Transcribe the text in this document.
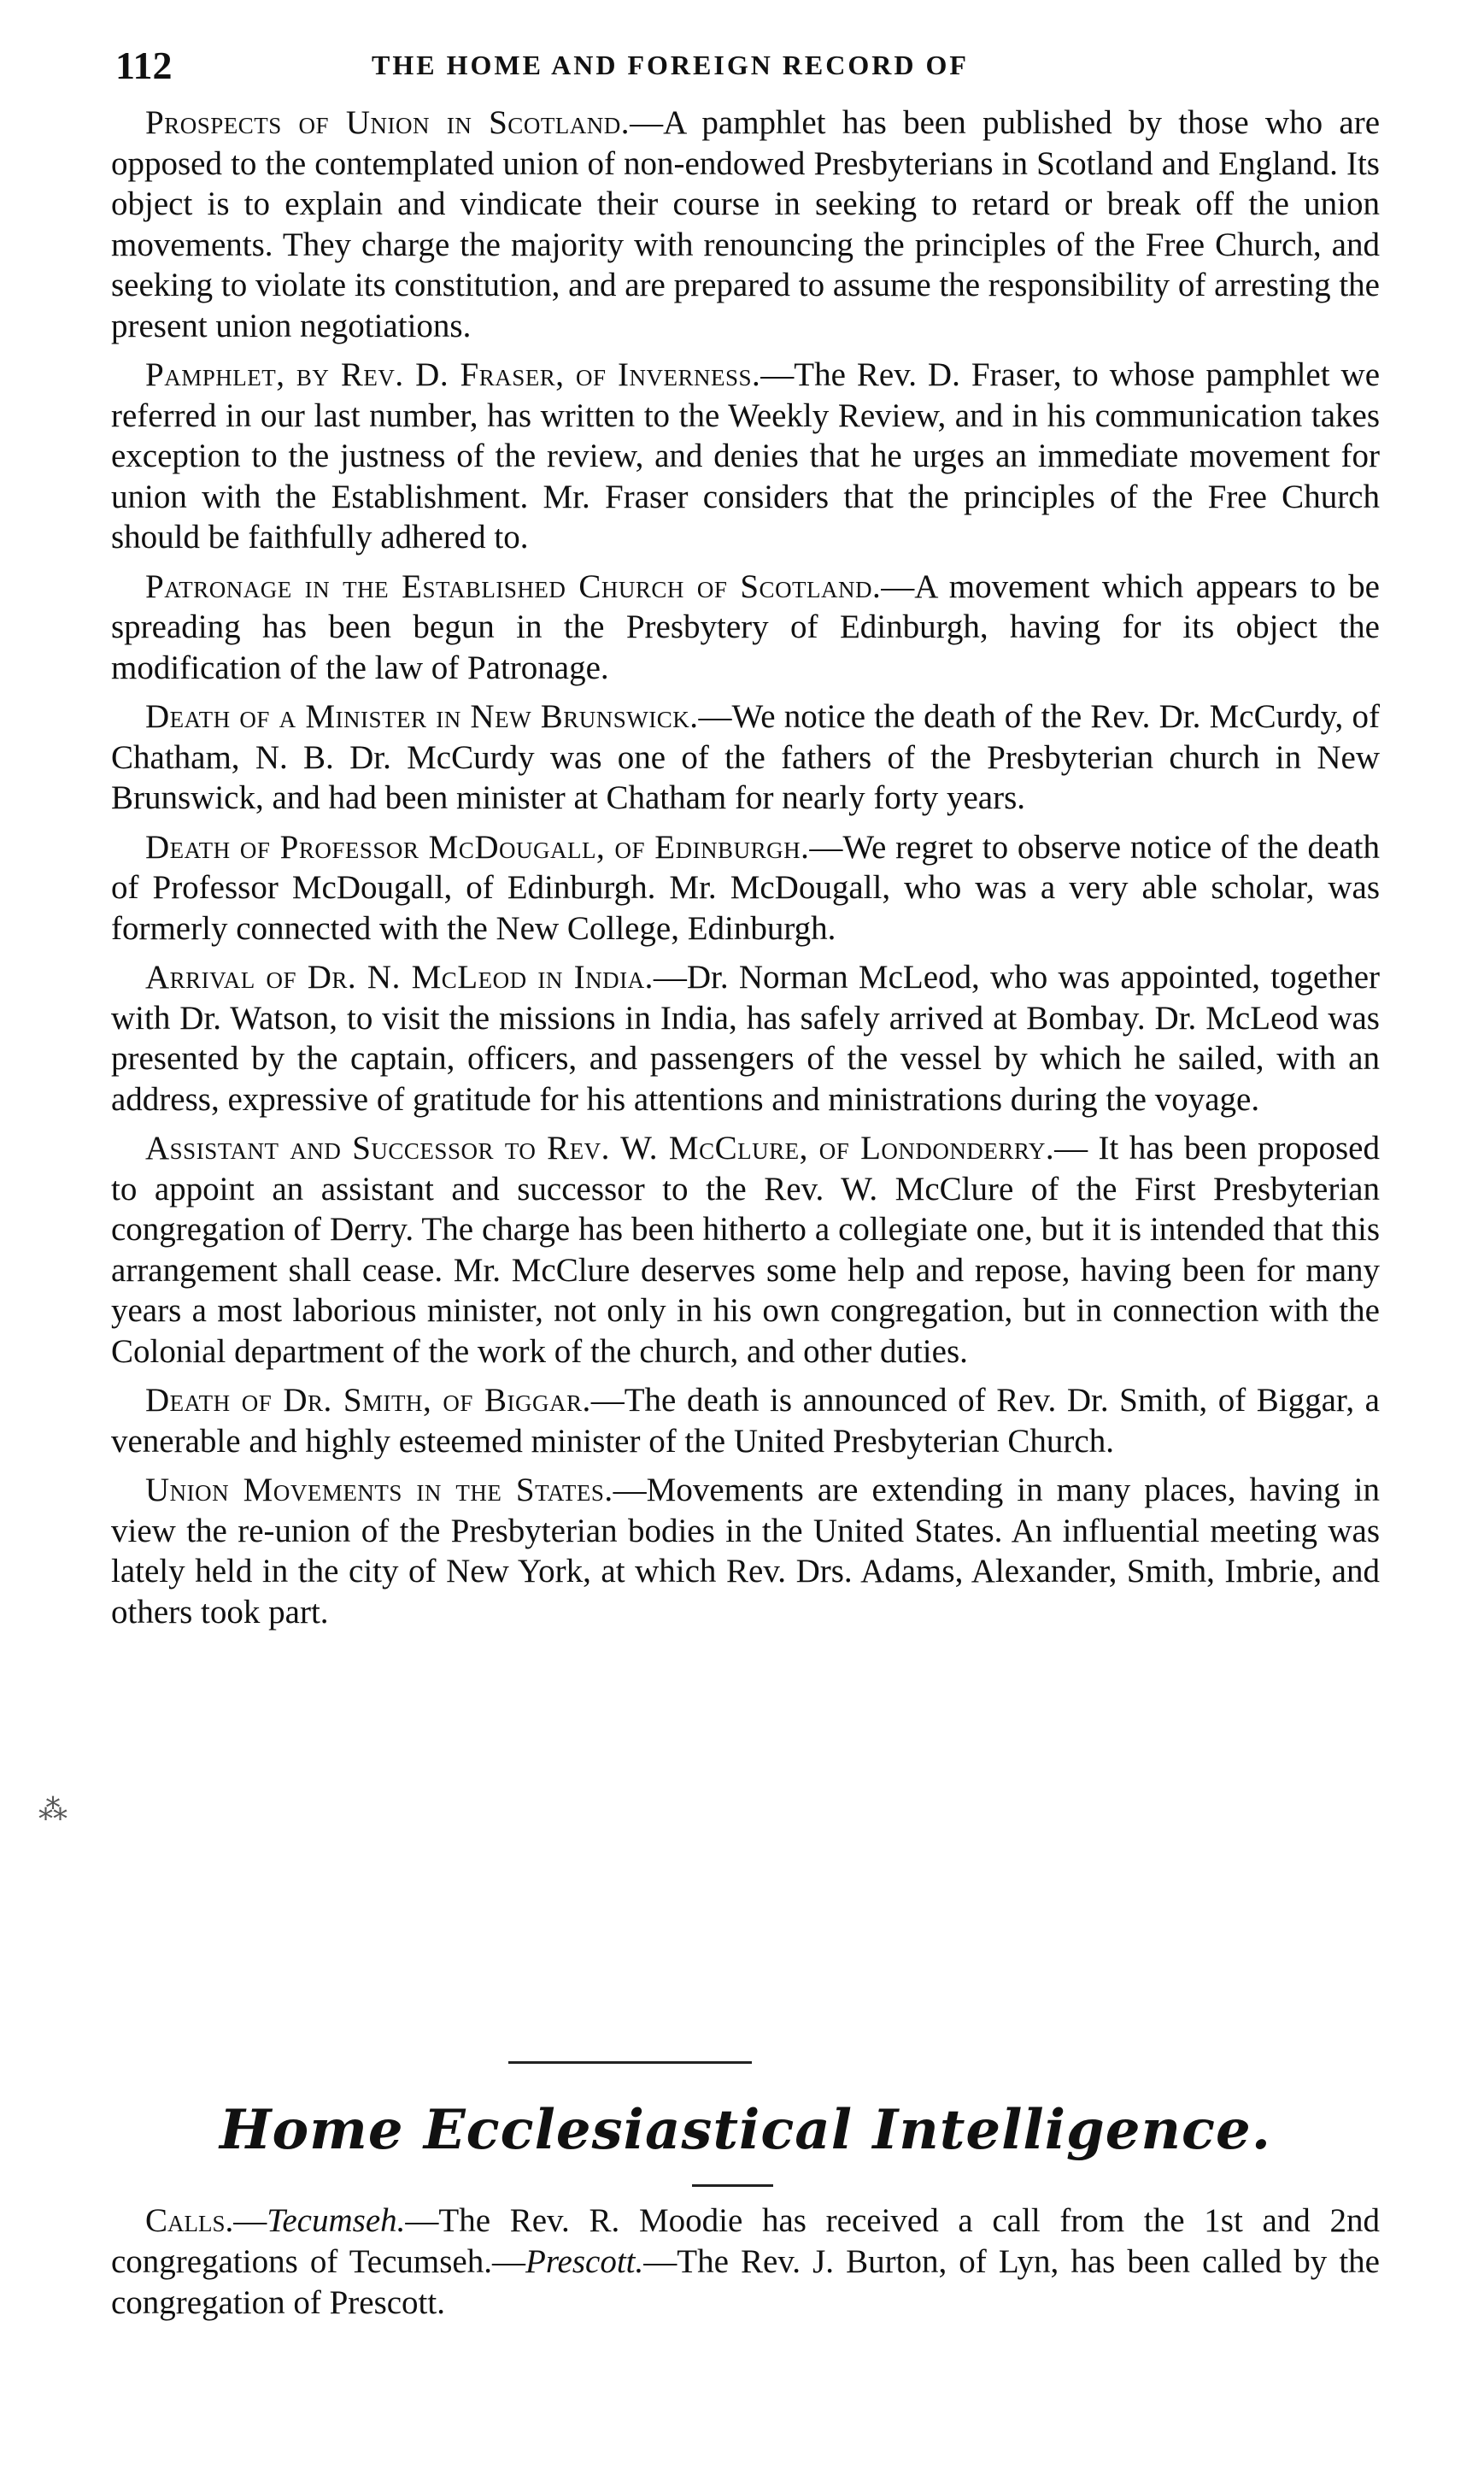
112	THE HOME AND FOREIGN RECORD OF

Prospects of Union in Scotland.—A pamphlet has been published by those who are opposed to the contemplated union of non-endowed Presbyterians in Scotland and England. Its object is to explain and vindicate their course in seeking to retard or break off the union movements. They charge the majority with renouncing the principles of the Free Church, and seeking to violate its constitution, and are prepared to assume the responsibility of arresting the present union negotiations.

Pamphlet, by Rev. D. Fraser, of Inverness.—The Rev. D. Fraser, to whose pamphlet we referred in our last number, has written to the Weekly Review, and in his communication takes exception to the justness of the review, and denies that he urges an immediate movement for union with the Establishment. Mr. Fraser considers that the principles of the Free Church should be faithfully adhered to.

Patronage in the Established Church of Scotland.—A movement which appears to be spreading has been begun in the Presbytery of Edinburgh, having for its object the modification of the law of Patronage.

Death of a Minister in New Brunswick.—We notice the death of the Rev. Dr. McCurdy, of Chatham, N. B. Dr. McCurdy was one of the fathers of the Presbyterian church in New Brunswick, and had been minister at Chatham for nearly forty years.

Death of Professor McDougall, of Edinburgh.—We regret to observe notice of the death of Professor McDougall, of Edinburgh. Mr. McDougall, who was a very able scholar, was formerly connected with the New College, Edinburgh.

Arrival of Dr. N. McLeod in India.—Dr. Norman McLeod, who was appointed, together with Dr. Watson, to visit the missions in India, has safely arrived at Bombay. Dr. McLeod was presented by the captain, officers, and passengers of the vessel by which he sailed, with an address, expressive of gratitude for his attentions and ministrations during the voyage.

Assistant and Successor to Rev. W. McClure, of Londonderry.— It has been proposed to appoint an assistant and successor to the Rev. W. McClure of the First Presbyterian congregation of Derry. The charge has been hitherto a collegiate one, but it is intended that this arrangement shall cease. Mr. McClure deserves some help and repose, having been for many years a most laborious minister, not only in his own congregation, but in connection with the Colonial department of the work of the church, and other duties.

Death of Dr. Smith, of Biggar.—The death is announced of Rev. Dr. Smith, of Biggar, a venerable and highly esteemed minister of the United Presbyterian Church.

Union Movements in the States.—Movements are extending in many places, having in view the re-union of the Presbyterian bodies in the United States. An influential meeting was lately held in the city of New York, at which Rev. Drs. Adams, Alexander, Smith, Imbrie, and others took part.

⁂
Home Ecclesiastical Intelligence.

Calls.—Tecumseh.—The Rev. R. Moodie has received a call from the 1st and 2nd congregations of Tecumseh.—Prescott.—The Rev. J. Burton, of Lyn, has been called by the congregation of Prescott.
